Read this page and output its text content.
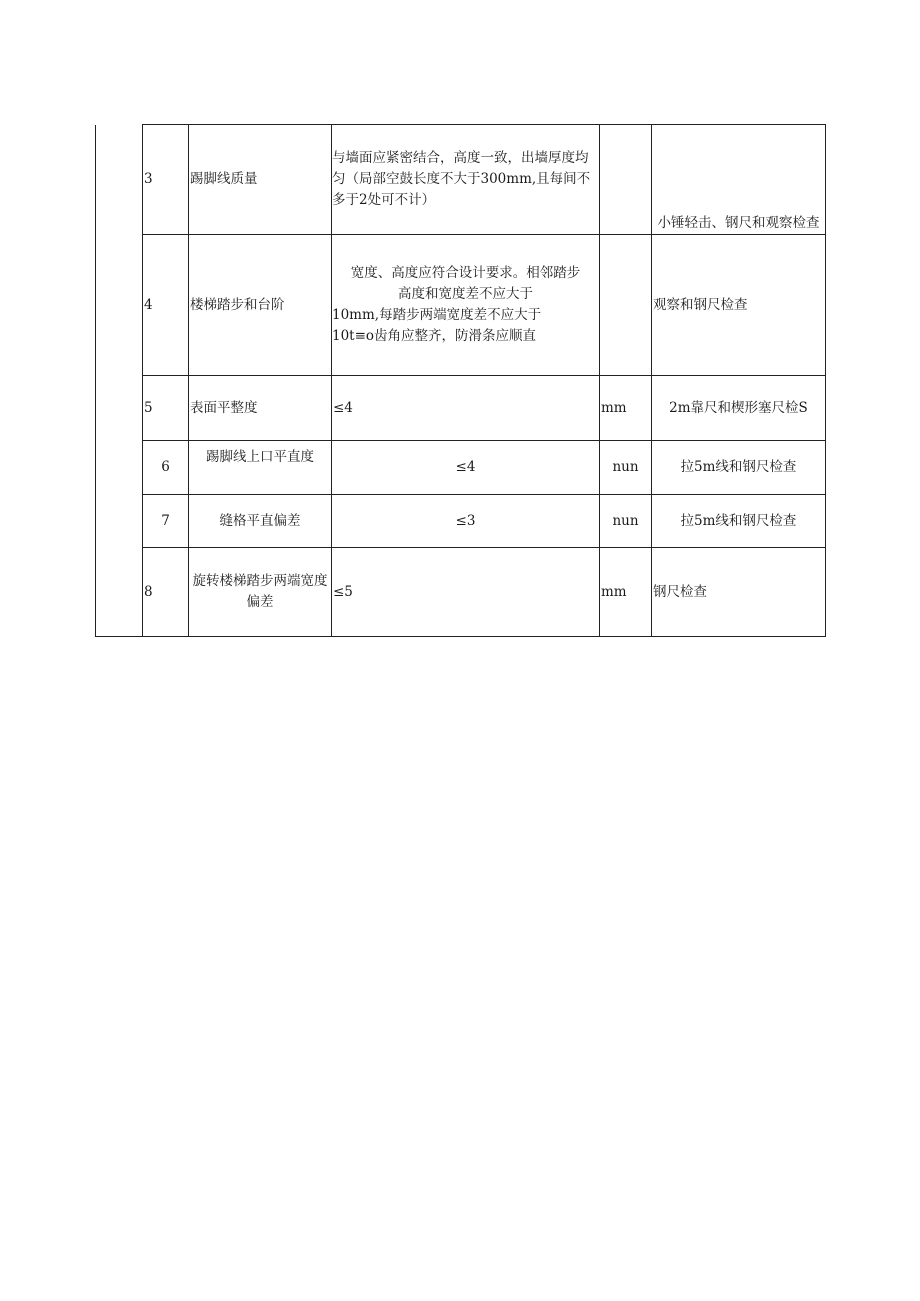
	3	踢脚线质量	与墙面应紧密结合，高度一致，出墙厚度均匀（局部空鼓长度不大于300mm,且每间不多于2处可不计）		小锤轻击、钢尺和观察检查

	4	楼梯踏步和台阶	宽度、高度应符合设计要求。相邻踏步
高度和宽度差不应大于
10mm,每踏步两端宽度差不应大于
10t≡o齿角应整齐，防滑条应顺直		观察和钢尺检查
	5	表面平整度	≤4	mm	2m靠尺和楔形塞尺检S
	6	踢脚线上口平直度	≤4	nun	拉5m线和钢尺检查
	7	缝格平直偏差	≤3	nun	拉5m线和钢尺检查
	8	旋转楼梯踏步两端宽度偏差	≤5	mm	钢尺检查
